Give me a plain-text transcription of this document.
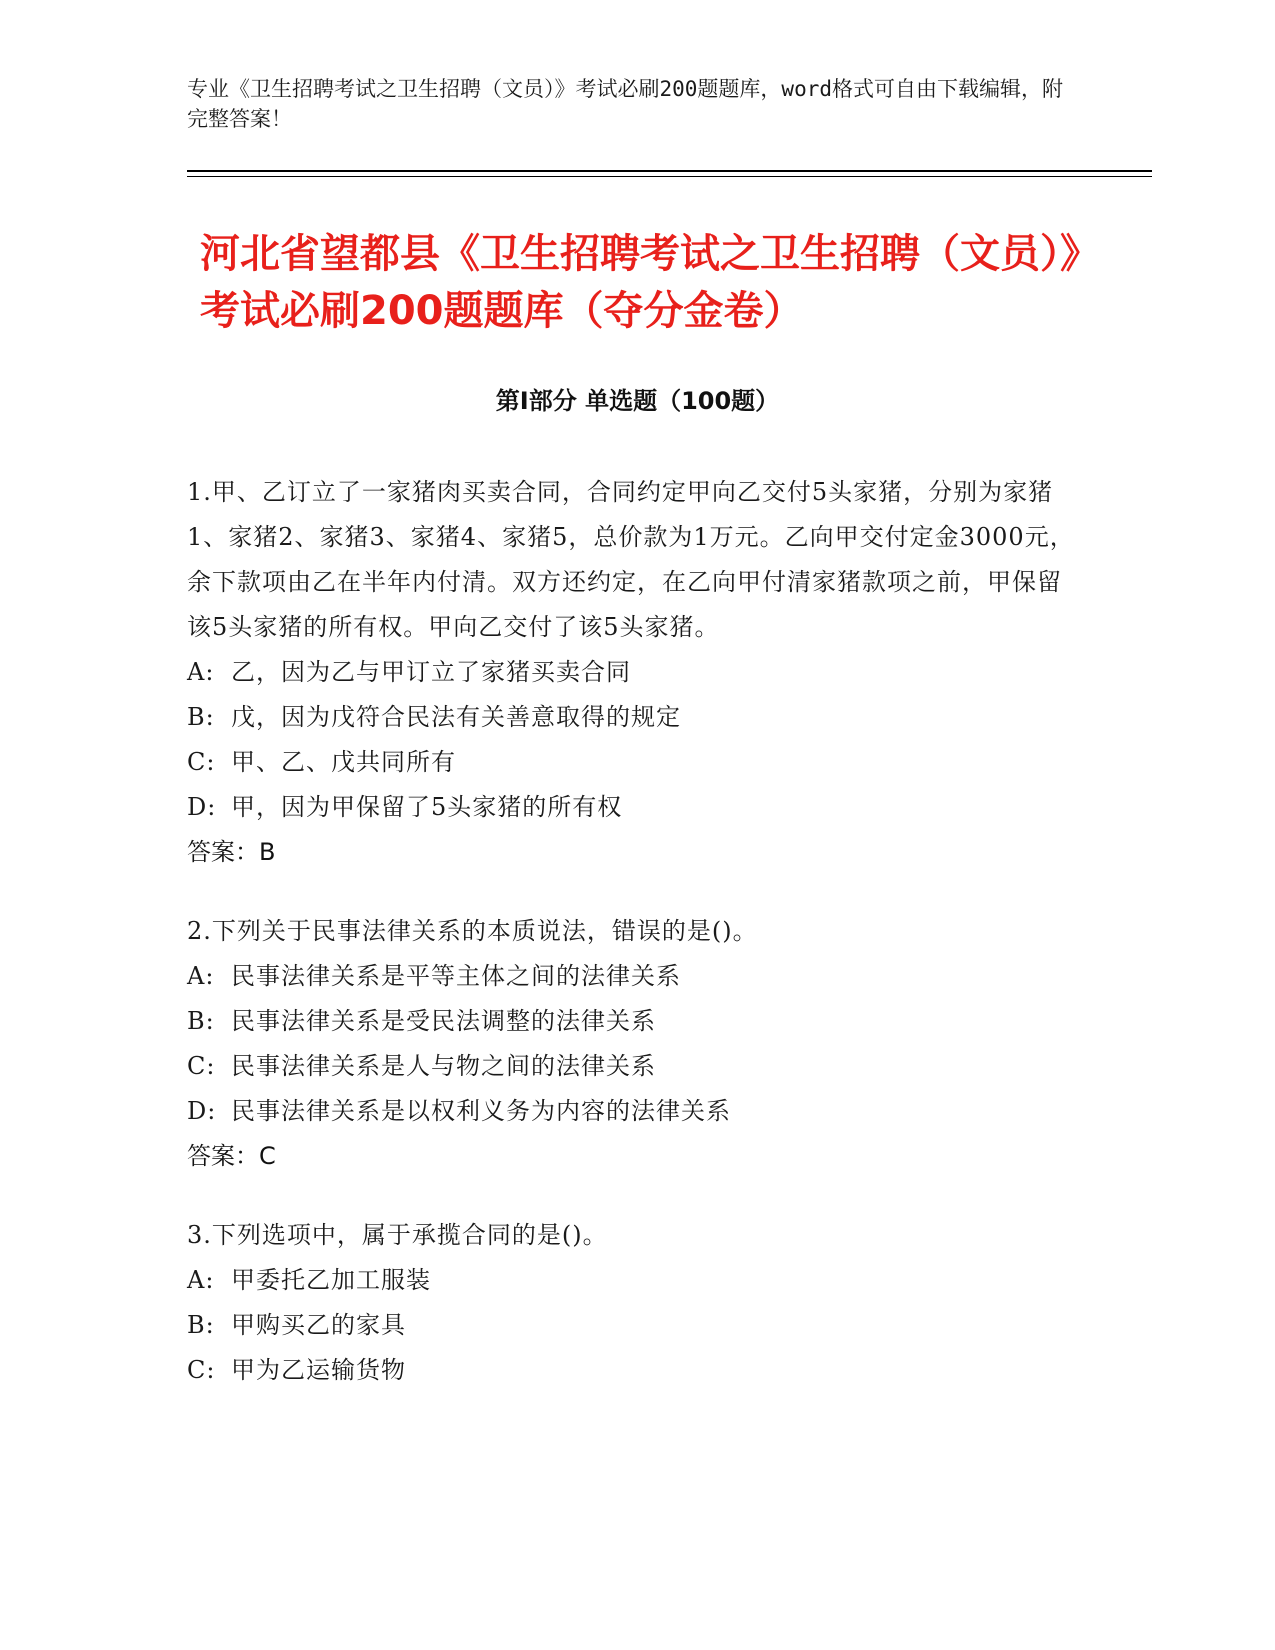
专业《卫生招聘考试之卫生招聘（文员）》考试必刷200题题库，word格式可自由下载编辑，附完整答案！
河北省望都县《卫生招聘考试之卫生招聘（文员）》考试必刷200题题库（夺分金卷）
第Ⅰ部分 单选题（100题）
1.甲、乙订立了一家猪肉买卖合同，合同约定甲向乙交付5头家猪，分别为家猪1、家猪2、家猪3、家猪4、家猪5，总价款为1万元。乙向甲交付定金3000元，余下款项由乙在半年内付清。双方还约定，在乙向甲付清家猪款项之前，甲保留该5头家猪的所有权。甲向乙交付了该5头家猪。
A: 乙，因为乙与甲订立了家猪买卖合同
B: 戊，因为戊符合民法有关善意取得的规定
C: 甲、乙、戊共同所有
D: 甲，因为甲保留了5头家猪的所有权
答案：B
2.下列关于民事法律关系的本质说法，错误的是()。
A: 民事法律关系是平等主体之间的法律关系
B: 民事法律关系是受民法调整的法律关系
C: 民事法律关系是人与物之间的法律关系
D: 民事法律关系是以权利义务为内容的法律关系
答案：C
3.下列选项中，属于承揽合同的是()。
A: 甲委托乙加工服装
B: 甲购买乙的家具
C: 甲为乙运输货物
